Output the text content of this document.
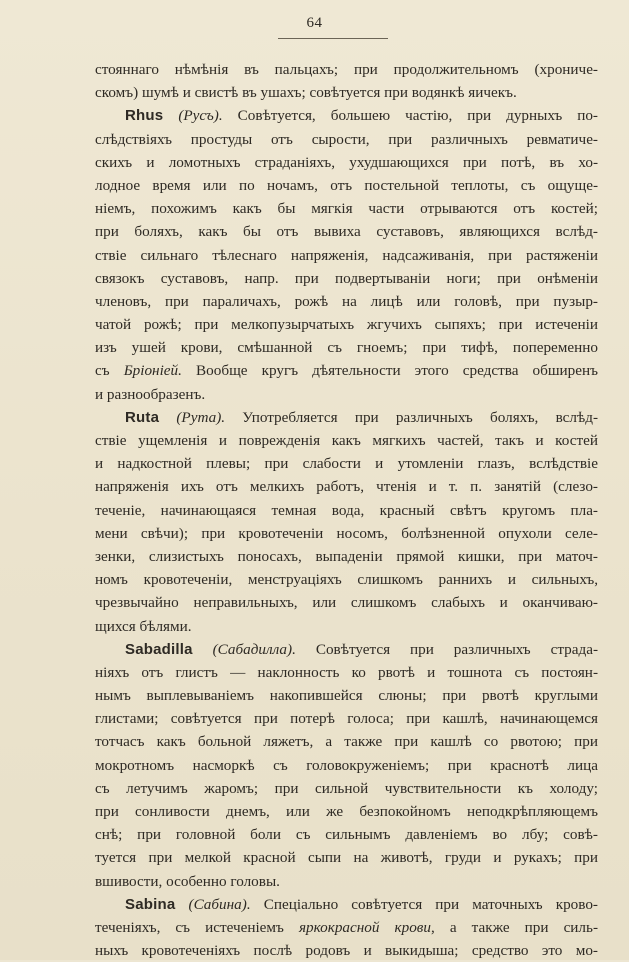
64
стояннаго нѣмѣнія въ пальцахъ; при продолжительномъ (хрониче-
скомъ) шумѣ и свистѣ въ ушахъ; совѣтуется при водянкѣ яичекъ.
Rhus (Русъ). Совѣтуется, большею частію, при дурныхъ по-
слѣдствіяхъ простуды отъ сырости, при различныхъ ревматиче-
скихъ и ломотныхъ страданіяхъ, ухудшающихся при потѣ, въ хо-
лодное время или по ночамъ, отъ постельной теплоты, съ ощуще-
ніемъ, похожимъ какъ бы мягкія части отрываются отъ костей;
при боляхъ, какъ бы отъ вывиха суставовъ, являющихся вслѣд-
ствіе сильнаго тѣлеснаго напряженія, надсаживанія, при растяженіи
связокъ суставовъ, напр. при подвертываніи ноги; при онѣменіи
членовъ, при параличахъ, рожѣ на лицѣ или головѣ, при пузыр-
чатой рожѣ; при мелкопузырчатыхъ жгучихъ сыпяхъ; при истеченіи
изъ ушей крови, смѣшанной съ гноемъ; при тифѣ, попеременно
съ Бріоніей. Вообще кругъ дѣятельности этого средства обширенъ
и разнообразенъ.
Ruta (Рута). Употребляется при различныхъ боляхъ, вслѣд-
ствіе ущемленія и поврежденія какъ мягкихъ частей, такъ и костей
и надкостной плевы; при слабости и утомленіи глазъ, вслѣдствіе
напряженія ихъ отъ мелкихъ работъ, чтенія и т. п. занятій (слезо-
теченіе, начинающаяся темная вода, красный свѣтъ кругомъ пла-
мени свѣчи); при кровотеченіи носомъ, болѣзненной опухоли селе-
зенки, слизистыхъ поносахъ, выпаденіи прямой кишки, при маточ-
номъ кровотеченіи, менструаціяхъ слишкомъ раннихъ и сильныхъ,
чрезвычайно неправильныхъ, или слишкомъ слабыхъ и оканчиваю-
щихся бѣлями.
Sabadilla (Сабадилла). Совѣтуется при различныхъ страда-
ніяхъ отъ глистъ — наклонность ко рвотѣ и тошнота съ постоян-
нымъ выплевываніемъ накопившейся слюны; при рвотѣ круглыми
глистами; совѣтуется при потерѣ голоса; при кашлѣ, начинающемся
тотчасъ какъ больной ляжетъ, а также при кашлѣ со рвотою; при
мокротномъ насморкѣ съ головокруженіемъ; при краснотѣ лица
съ летучимъ жаромъ; при сильной чувствительности къ холоду;
при сонливости днемъ, или же безпокойномъ неподкрѣпляющемъ
снѣ; при головной боли съ сильнымъ давленіемъ во лбу; совѣ-
туется при мелкой красной сыпи на животѣ, груди и рукахъ; при
вшивости, особенно головы.
Sabina (Сабина). Спеціально совѣтуется при маточныхъ крово-
теченіяхъ, съ истеченіемъ яркокрасной крови, а также при силь-
ныхъ кровотеченіяхъ послѣ родовъ и выкидыша; средство это мо-
